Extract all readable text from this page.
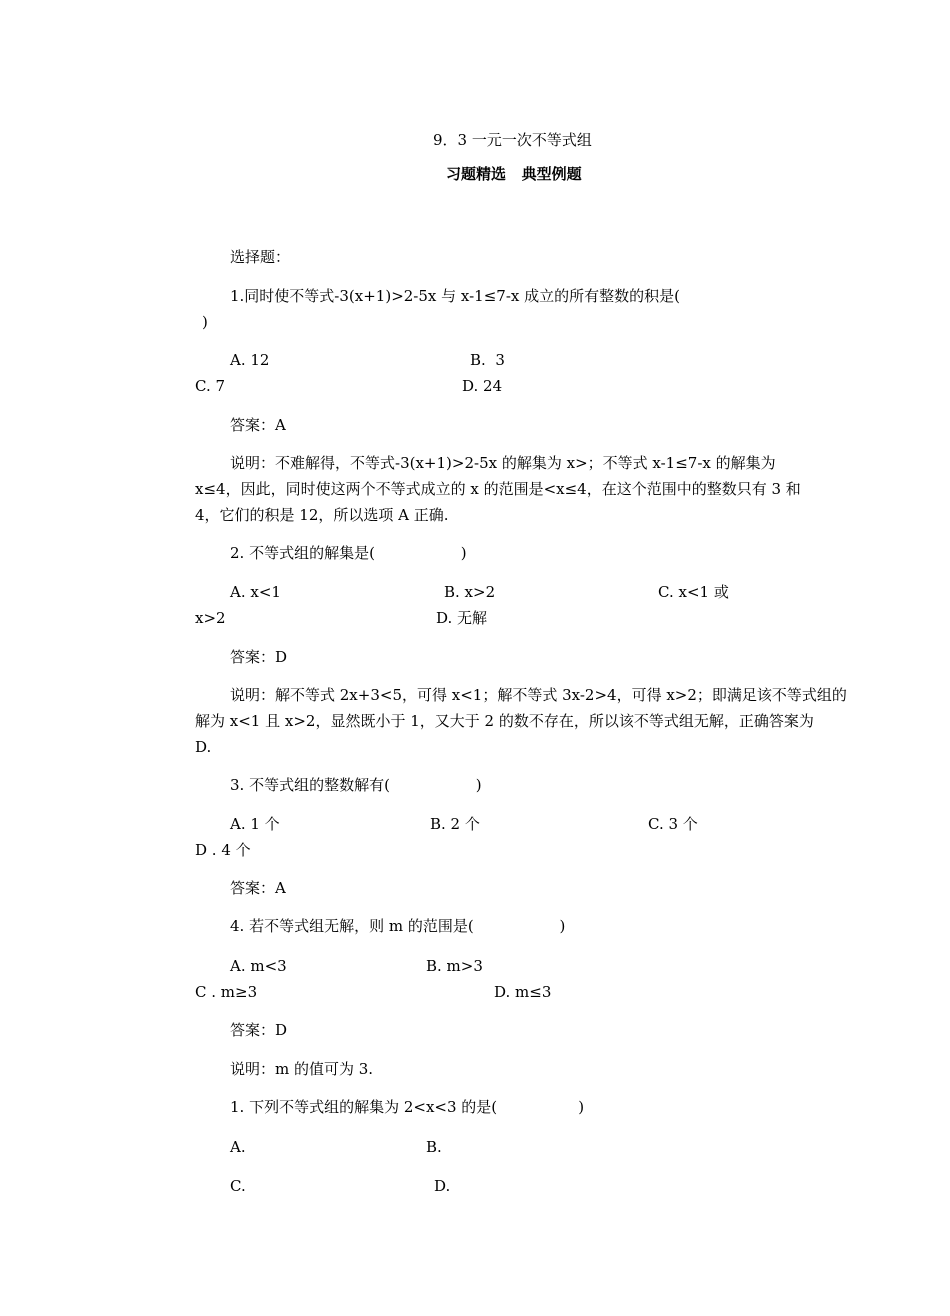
9．3 一元一次不等式组
习题精选   典型例题
选择题：
1.同时使不等式-3(x+1)>2-5x 与 x-1≤7-x 成立的所有整数的积是(
)
A. 12	B.  3
C. 7	D. 24
答案：A
说明：不难解得，不等式-3(x+1)>2-5x 的解集为 x>；不等式 x-1≤7-x 的解集为
x≤4，因此，同时使这两个不等式成立的 x 的范围是<x≤4，在这个范围中的整数只有 3 和
4，它们的积是 12，所以选项 A 正确.
2. 不等式组的解集是(                  )
A. x<1	B. x>2	C. x<1 或
x>2	D. 无解
答案：D
说明：解不等式 2x+3<5，可得 x<1；解不等式 3x-2>4，可得 x>2；即满足该不等式组的
解为 x<1 且 x>2，显然既小于 1，又大于 2 的数不存在，所以该不等式组无解，正确答案为
D.
3. 不等式组的整数解有(                  )
A. 1 个	B. 2 个	C. 3 个
D . 4 个
答案：A
4. 若不等式组无解，则 m 的范围是(                  )
A. m<3	B. m>3
C . m≥3	D. m≤3
答案：D
说明：m 的值可为 3.
1. 下列不等式组的解集为 2<x<3 的是(                 )
A.	B.
C.	D.
